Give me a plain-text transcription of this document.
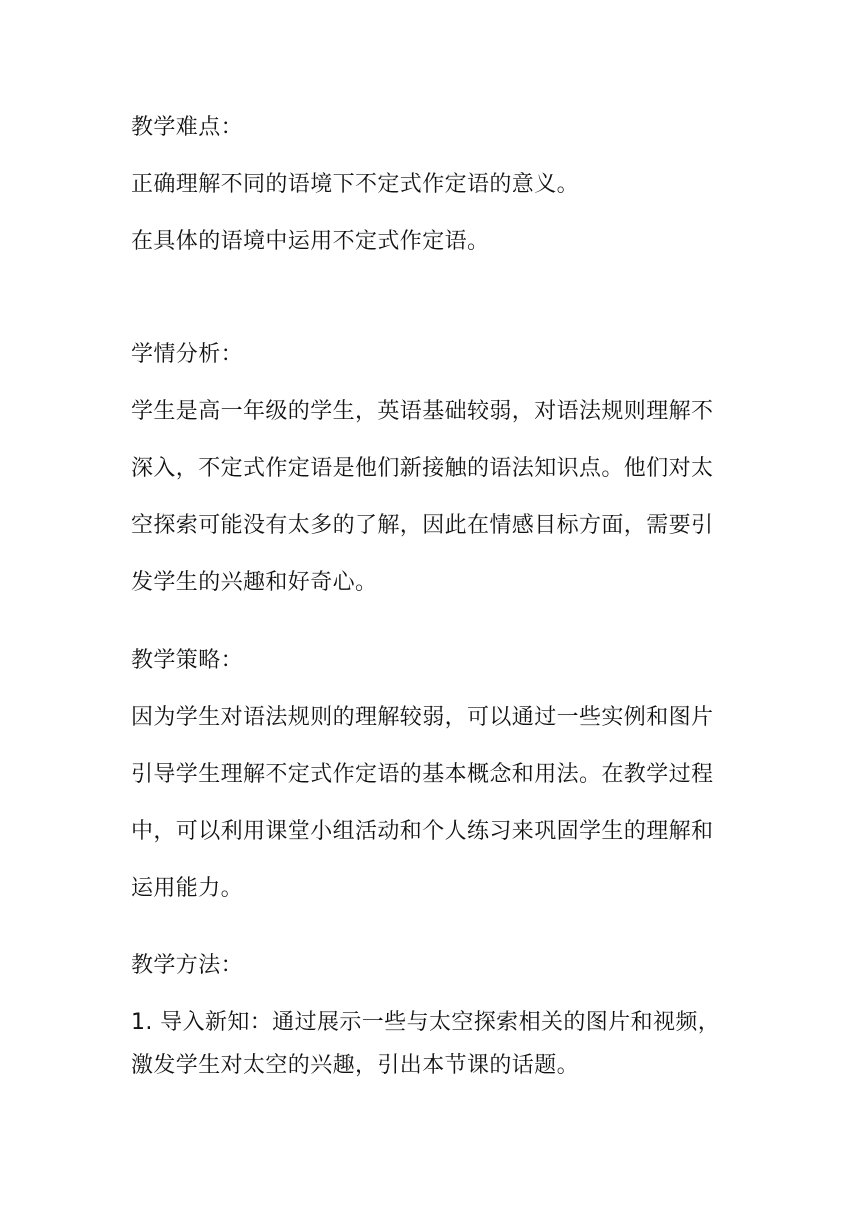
教学难点：
正确理解不同的语境下不定式作定语的意义。
在具体的语境中运用不定式作定语。
学情分析：
学生是高一年级的学生，英语基础较弱，对语法规则理解不
深入，不定式作定语是他们新接触的语法知识点。他们对太
空探索可能没有太多的了解，因此在情感目标方面，需要引
发学生的兴趣和好奇心。
教学策略：
因为学生对语法规则的理解较弱，可以通过一些实例和图片
引导学生理解不定式作定语的基本概念和用法。在教学过程
中，可以利用课堂小组活动和个人练习来巩固学生的理解和
运用能力。
教学方法：
1. 导入新知：通过展示一些与太空探索相关的图片和视频，
激发学生对太空的兴趣，引出本节课的话题。
